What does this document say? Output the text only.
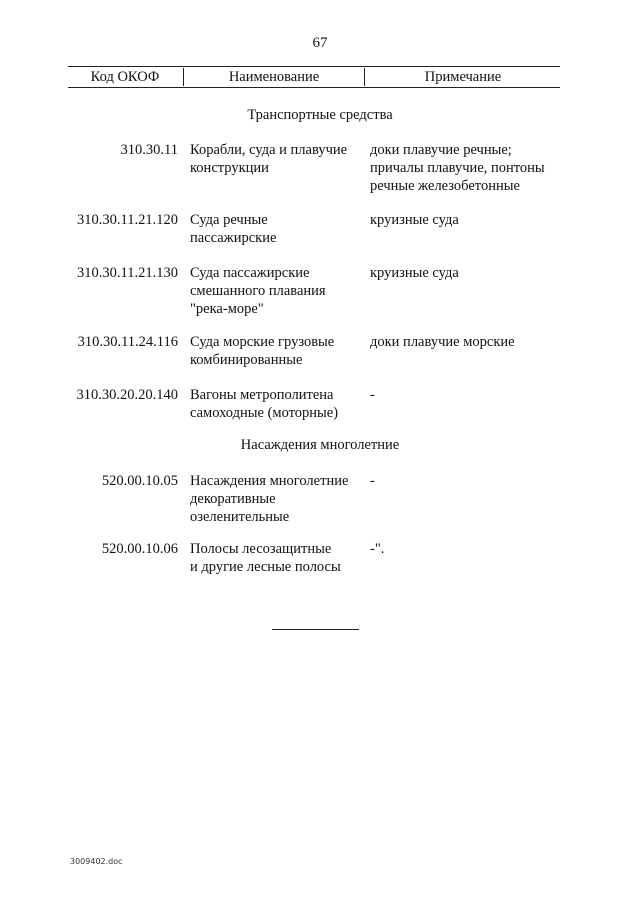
67
Код ОКОФ	Наименование	Примечание
Транспортные средства
310.30.11 Корабли, суда и плавучие
конструкции
доки плавучие речные;
причалы плавучие, понтоны
речные железобетонные
310.30.11.21.120 Суда речные
пассажирские
круизные суда
310.30.11.21.130 Суда пассажирские
смешанного плавания
"река-море"
круизные суда
310.30.11.24.116 Суда морские грузовые
комбинированные
доки плавучие морские
310.30.20.20.140 Вагоны метрополитена
самоходные (моторные)
-
Насаждения многолетние
520.00.10.05 Насаждения многолетние
декоративные
озеленительные
-
520.00.10.06 Полосы лесозащитные
и другие лесные полосы
-".
3009402.doc
